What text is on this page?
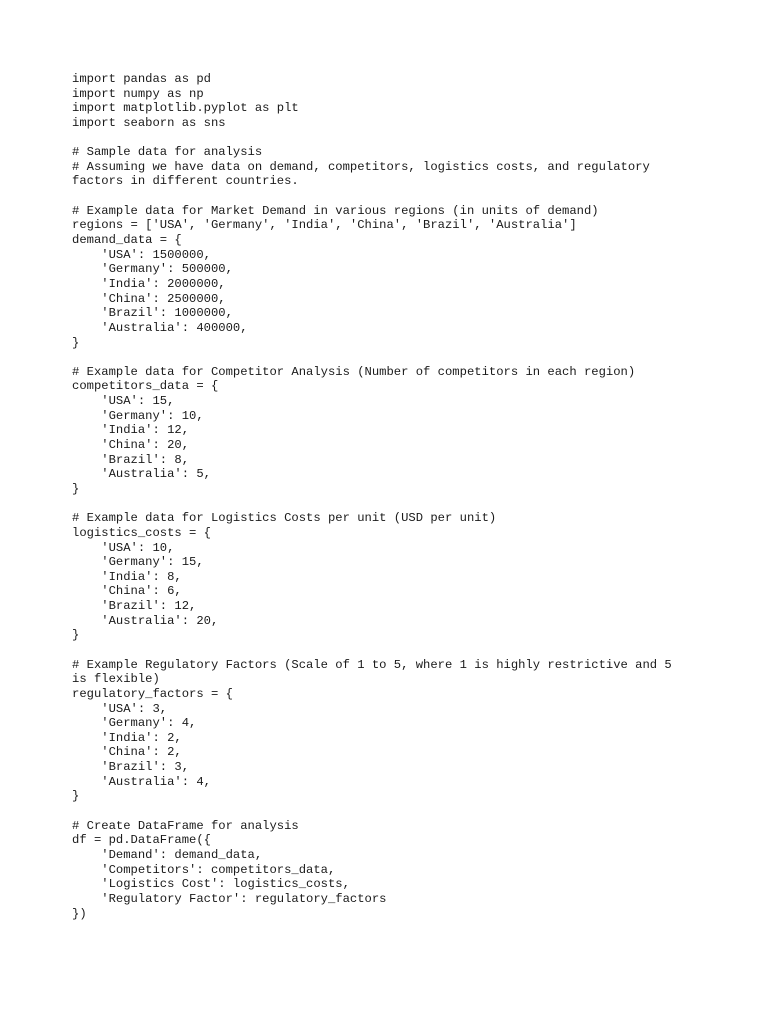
import pandas as pd
import numpy as np
import matplotlib.pyplot as plt
import seaborn as sns
# Sample data for analysis
# Assuming we have data on demand, competitors, logistics costs, and regulatory
factors in different countries.
# Example data for Market Demand in various regions (in units of demand)
regions = ['USA', 'Germany', 'India', 'China', 'Brazil', 'Australia']
demand_data = {
'USA': 1500000,
'Germany': 500000,
'India': 2000000,
'China': 2500000,
'Brazil': 1000000,
'Australia': 400000,
}
# Example data for Competitor Analysis (Number of competitors in each region)
competitors_data = {
'USA': 15,
'Germany': 10,
'India': 12,
'China': 20,
'Brazil': 8,
'Australia': 5,
}
# Example data for Logistics Costs per unit (USD per unit)
logistics_costs = {
'USA': 10,
'Germany': 15,
'India': 8,
'China': 6,
'Brazil': 12,
'Australia': 20,
}
# Example Regulatory Factors (Scale of 1 to 5, where 1 is highly restrictive and 5
is flexible)
regulatory_factors = {
'USA': 3,
'Germany': 4,
'India': 2,
'China': 2,
'Brazil': 3,
'Australia': 4,
}
# Create DataFrame for analysis
df = pd.DataFrame({
'Demand': demand_data,
'Competitors': competitors_data,
'Logistics Cost': logistics_costs,
'Regulatory Factor': regulatory_factors
})
